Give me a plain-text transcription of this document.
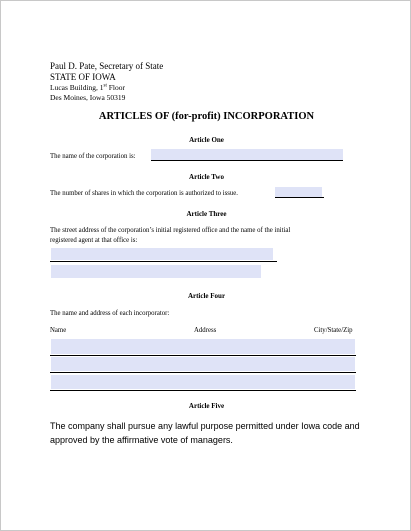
Paul D. Pate, Secretary of State
STATE OF IOWA
Lucas Building, 1st Floor
Des Moines, Iowa 50319
ARTICLES OF (for-profit) INCORPORATION
Article One
The name of the corporation is:
Article Two
The number of shares in which the corporation is authorized to issue.
Article Three
The street address of the corporation’s initial registered office and the name of the initial
registered agent at that office is:
Article Four
The name and address of each incorporator:
Name	Address	City/State/Zip
Article Five
The company shall pursue any lawful purpose permitted under Iowa code and approved by the affirmative vote of managers.
